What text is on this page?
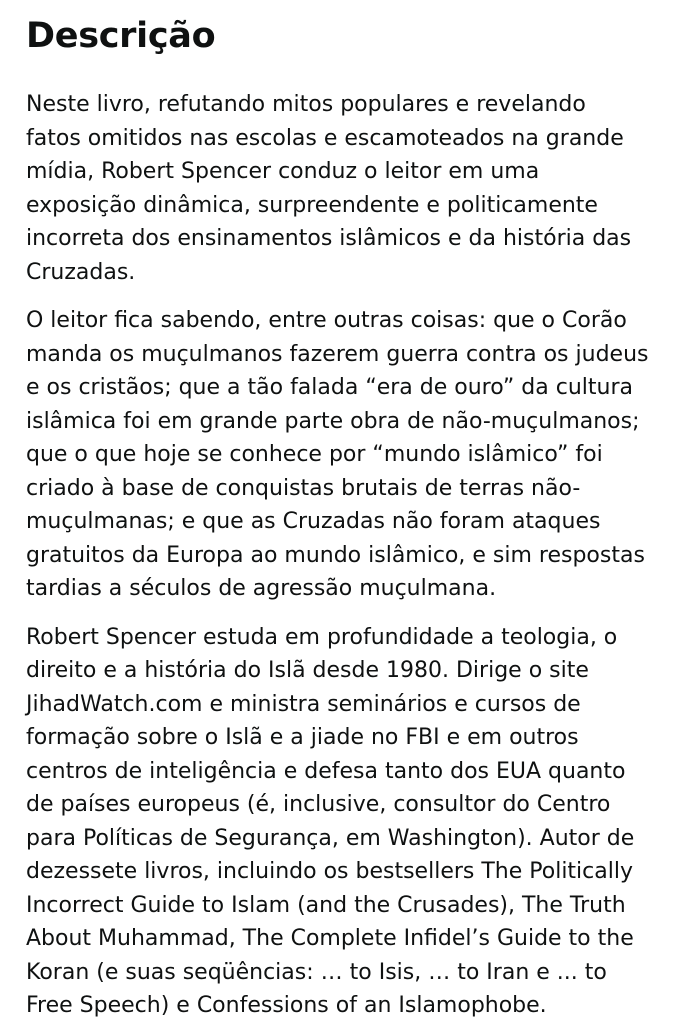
Descrição

Neste livro, refutando mitos populares e revelando
fatos omitidos nas escolas e escamoteados na grande
mídia, Robert Spencer conduz o leitor em uma
exposição dinâmica, surpreendente e politicamente
incorreta dos ensinamentos islâmicos e da história das
Cruzadas.

O leitor fica sabendo, entre outras coisas: que o Corão
manda os muçulmanos fazerem guerra contra os judeus
e os cristãos; que a tão falada “era de ouro” da cultura
islâmica foi em grande parte obra de não-muçulmanos;
que o que hoje se conhece por “mundo islâmico” foi
criado à base de conquistas brutais de terras não-
muçulmanas; e que as Cruzadas não foram ataques
gratuitos da Europa ao mundo islâmico, e sim respostas
tardias a séculos de agressão muçulmana.

Robert Spencer estuda em profundidade a teologia, o
direito e a história do Islã desde 1980. Dirige o site
JihadWatch.com e ministra seminários e cursos de
formação sobre o Islã e a jiade no FBI e em outros
centros de inteligência e defesa tanto dos EUA quanto
de países europeus (é, inclusive, consultor do Centro
para Políticas de Segurança, em Washington). Autor de
dezessete livros, incluindo os bestsellers The Politically
Incorrect Guide to Islam (and the Crusades), The Truth
About Muhammad, The Complete Infidel’s Guide to the
Koran (e suas seqüências: … to Isis, … to Iran e ... to
Free Speech) e Confessions of an Islamophobe.
